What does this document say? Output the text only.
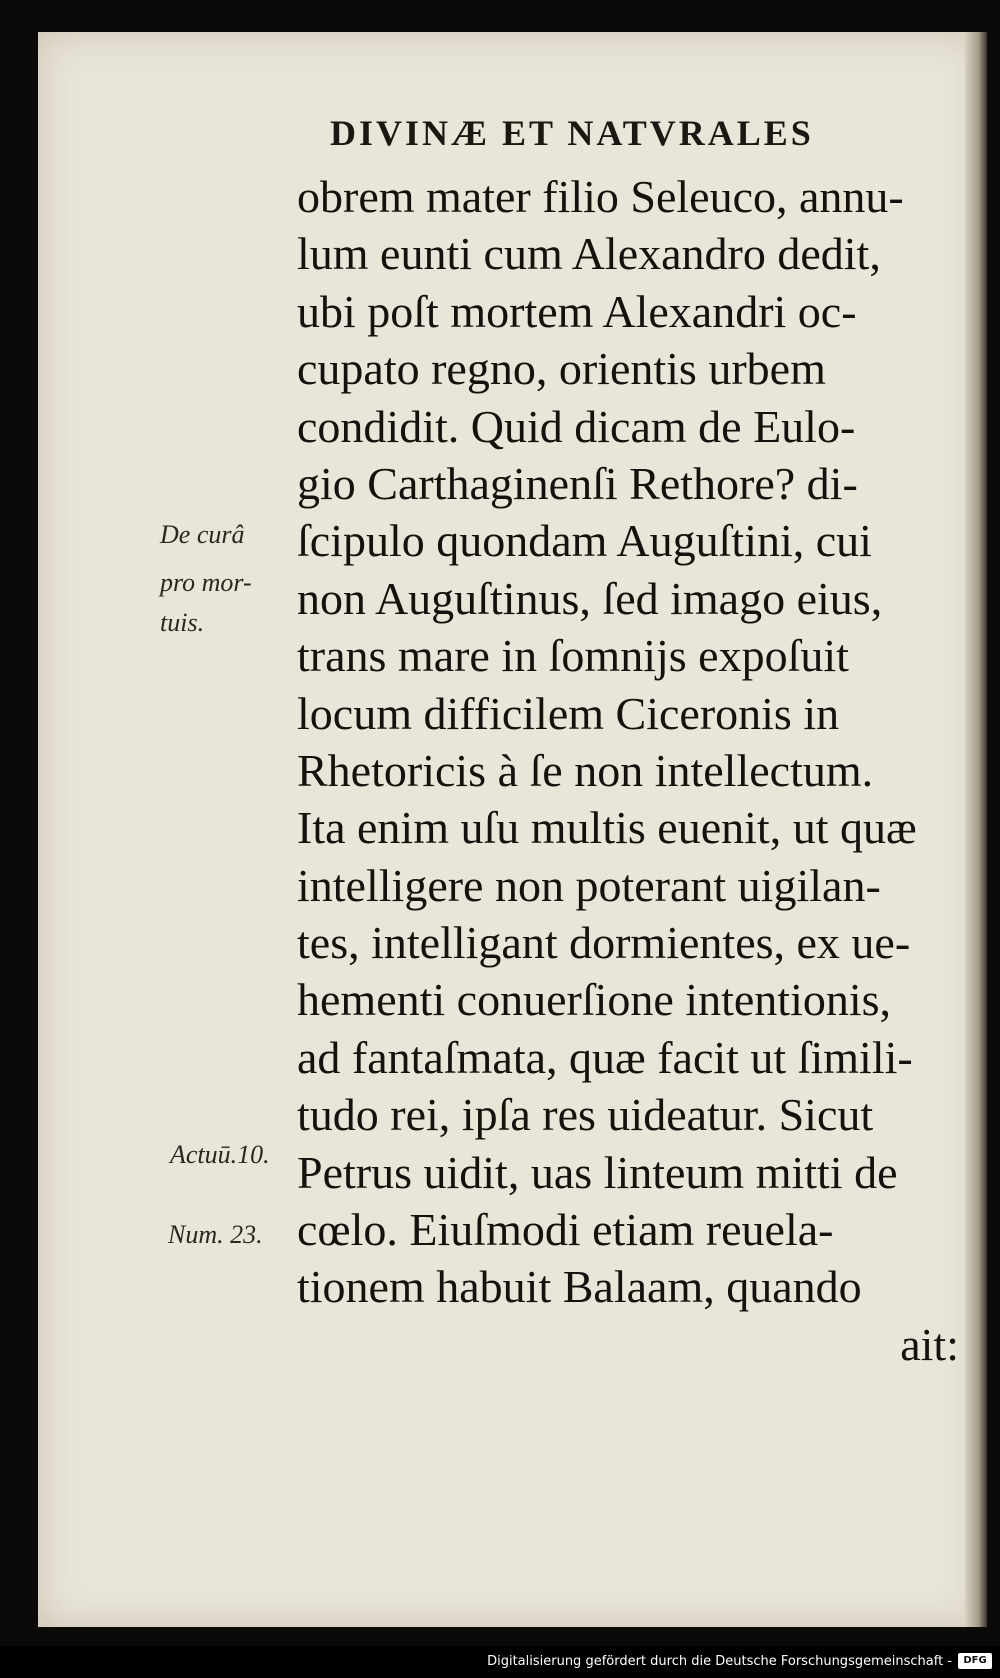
DIVINÆ ET NATVRALES
obrem mater filio Seleuco, annu-
lum eunti cum Alexandro dedit,
ubi poſt mortem Alexandri oc-
cupato regno, orientis urbem
condidit. Quid dicam de Eulo-
gio Carthaginenſi Rethore? di-
ſcipulo quondam Auguſtini, cui
non Auguſtinus, ſed imago eius,
trans mare in ſomnijs expoſuit
locum difficilem Ciceronis in
Rhetoricis à ſe non intellectum.
Ita enim uſu multis euenit, ut quæ
intelligere non poterant uigilan-
tes, intelligant dormientes, ex ue-
hementi conuerſione intentionis,
ad fantaſmata, quæ facit ut ſimili-
tudo rei, ipſa res uideatur. Sicut
Petrus uidit, uas linteum mitti de
cœlo. Eiuſmodi etiam reuela-
tionem habuit Balaam, quando
ait:
De curâ
pro mor-
tuis.
Actuū.10.
Num. 23.
Digitalisierung gefördert durch die Deutsche Forschungsgemeinschaft -	DFG
